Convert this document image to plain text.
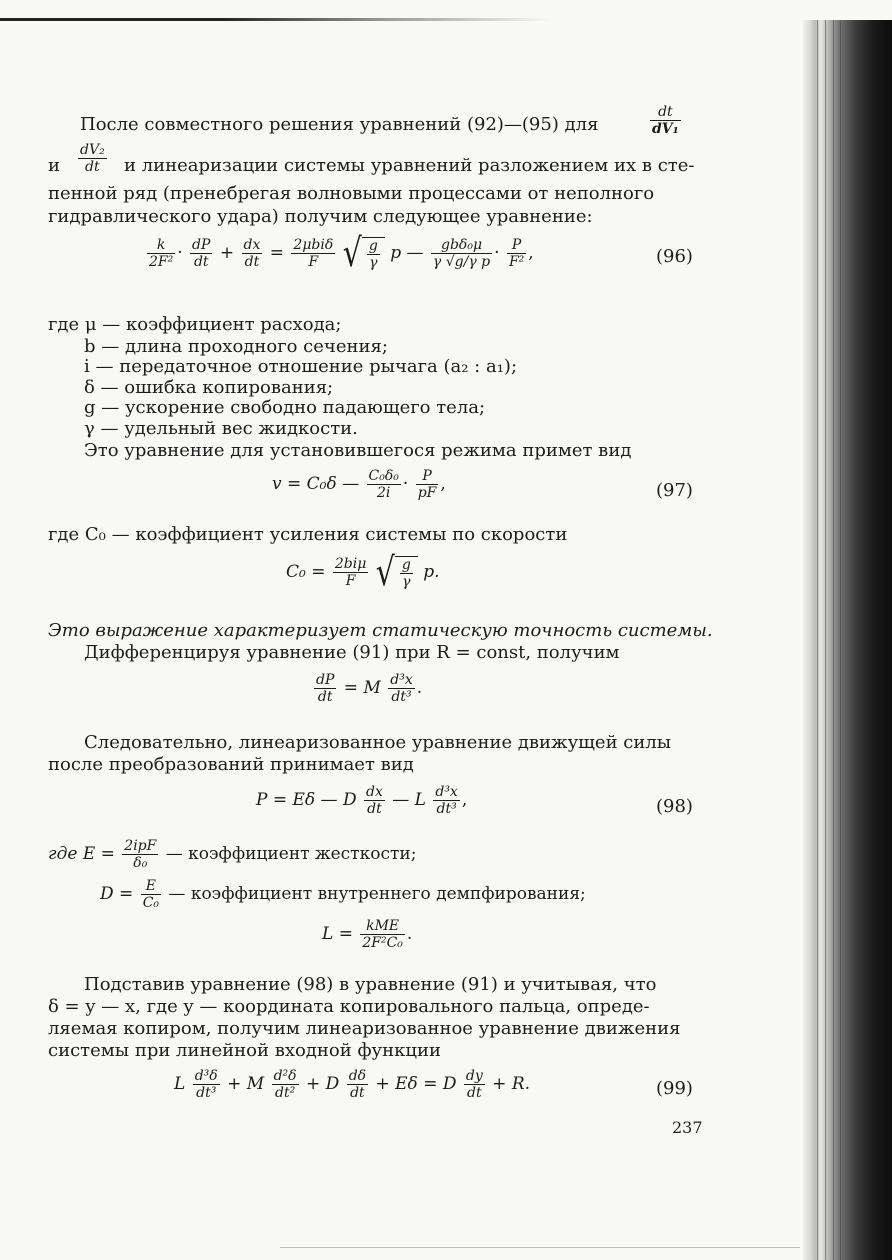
После совместного решения уравнений (92)—(95) для	$\frac{dt}{\text{dV₁}}$
и	$\frac{\text{dV₂}}{dt}$ и линеаризации системы уравнений разложением их в сте-
пенной ряд (пренебрегая волновыми процессами от неполного
гидравлического удара) получим следующее уравнение:
$\frac{k}{\text{2F²}} \cdot \frac{dP}{dt} + \frac{dx}{dt} = \frac{\text{2μbiδ}}{F}$ √ $\frac{g}{\gamma}$ p — $\frac{\text{gbδ₀μ}}{\text{γ √g/γ p}} \cdot \frac{P}{\text{F²}}$ ,	(96)
где μ — коэффициент расхода;
b — длина проходного сечения;
i — передаточное отношение рычага (a₂ : a₁);
δ — ошибка копирования;
g — ускорение свободно падающего тела;
γ — удельный вес жидкости.
Это уравнение для установившегося режима примет вид
v = C₀δ — $\frac{\text{C₀δ₀}}{2i} \cdot \frac{P}{pF}$ ,	(97)
где C₀ — коэффициент усиления системы по скорости
$C_0 = \frac{\text{2biμ}}{F}$ √ $\frac{g}{\gamma} p$.
Это выражение характеризует статическую точность системы.
Дифференцируя уравнение (91) при R = const, получим
$\frac{dP}{dt} = M \frac{\text{d³x}}{\text{dt³}}$ .
Следовательно, линеаризованное уравнение движущей силы
после преобразований принимает вид
P = Eδ — D $\frac{dx}{dt}$ — L $\frac{\text{d³x}}{\text{dt³}}$ ,	(98)
где $E = \frac{\text{2ipF}}{\text{δ₀}}$ — коэффициент жесткости;
$D = \frac{E}{\text{C₀}}$ — коэффициент внутреннего демпфирования;
$L = \frac{\text{kME}}{\text{2F²C₀}}$ .
Подставив уравнение (98) в уравнение (91) и учитывая, что
δ = y — x, где y — координата копировального пальца, опреде-
ляемая копиром, получим линеаризованное уравнение движения
системы при линейной входной функции
L $\frac{\text{d³δ}}{\text{dt³}} + M \frac{\text{d²δ}}{\text{dt²}} + D \frac{d\delta}{dt} + E\delta = D \frac{dy}{dt} + R$.	(99)
237
